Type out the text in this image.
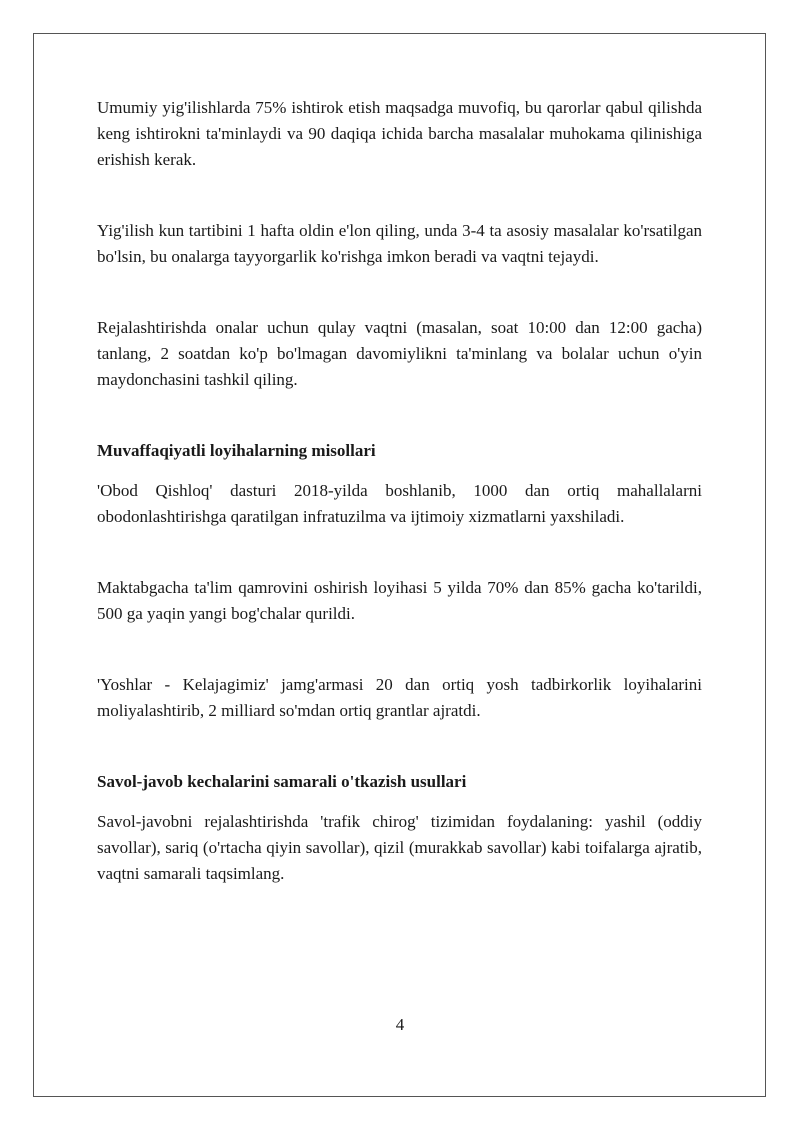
Umumiy yig'ilishlarda 75% ishtirok etish maqsadga muvofiq, bu qarorlar qabul qilishda keng ishtirokni ta'minlaydi va 90 daqiqa ichida barcha masalalar muhokama qilinishiga erishish kerak.

Yig'ilish kun tartibini 1 hafta oldin e'lon qiling, unda 3-4 ta asosiy masalalar ko'rsatilgan bo'lsin, bu onalarga tayyorgarlik ko'rishga imkon beradi va vaqtni tejaydi.

Rejalashtirishda onalar uchun qulay vaqtni (masalan, soat 10:00 dan 12:00 gacha) tanlang, 2 soatdan ko'p bo'lmagan davomiylikni ta'minlang va bolalar uchun o'yin maydonchasini tashkil qiling.

Muvaffaqiyatli loyihalarning misollari

'Obod Qishloq' dasturi 2018-yilda boshlanib, 1000 dan ortiq mahallalarni obodonlashtirishga qaratilgan infratuzilma va ijtimoiy xizmatlarni yaxshiladi.

Maktabgacha ta'lim qamrovini oshirish loyihasi 5 yilda 70% dan 85% gacha ko'tarildi, 500 ga yaqin yangi bog'chalar qurildi.

'Yoshlar - Kelajagimiz' jamg'armasi 20 dan ortiq yosh tadbirkorlik loyihalarini moliyalashtirib, 2 milliard so'mdan ortiq grantlar ajratdi.

Savol-javob kechalarini samarali o'tkazish usullari

Savol-javobni rejalashtirishda 'trafik chirog' tizimidan foydalaning: yashil (oddiy savollar), sariq (o'rtacha qiyin savollar), qizil (murakkab savollar) kabi toifalarga ajratib, vaqtni samarali taqsimlang.

4
